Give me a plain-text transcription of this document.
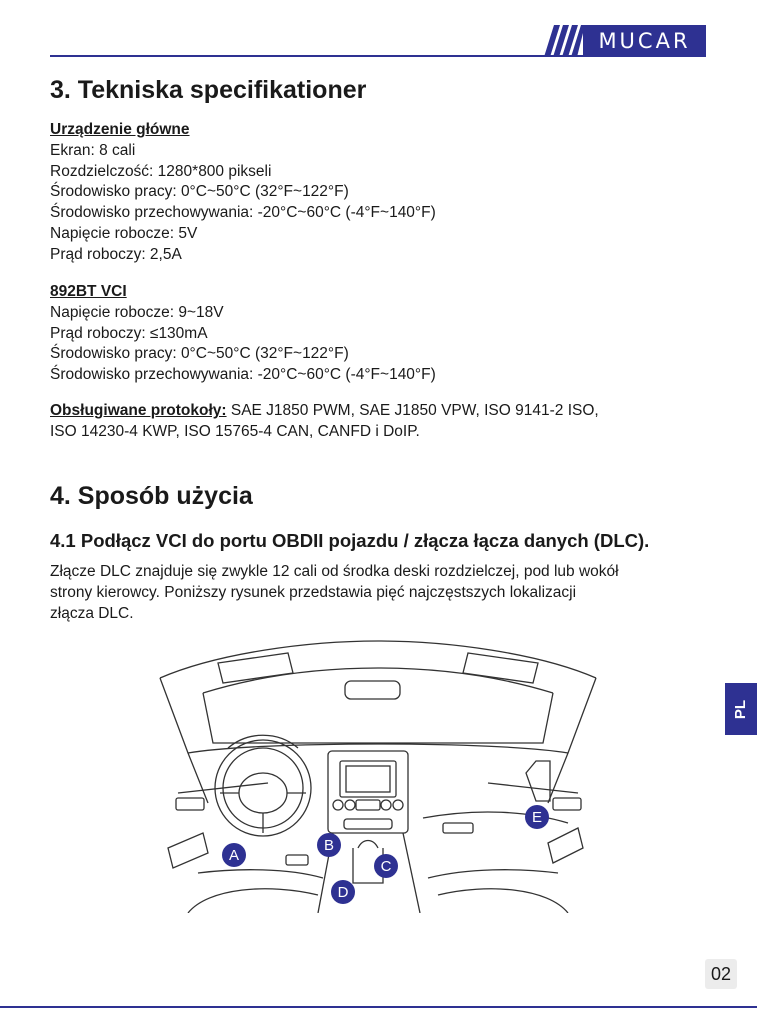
MUCAR
3. Tekniska specifikationer
Urządzenie główne
Ekran: 8 cali
Rozdzielczość: 1280*800 pikseli
Środowisko pracy: 0°C~50°C (32°F~122°F)
Środowisko przechowywania: -20°C~60°C (-4°F~140°F)
Napięcie robocze: 5V
Prąd roboczy: 2,5A
892BT VCI
Napięcie robocze: 9~18V
Prąd roboczy: ≤130mA
Środowisko pracy: 0°C~50°C (32°F~122°F)
Środowisko przechowywania: -20°C~60°C (-4°F~140°F)
Obsługiwane protokoły: SAE J1850 PWM, SAE J1850 VPW, ISO 9141-2 ISO,
ISO 14230-4 KWP, ISO 15765-4 CAN, CANFD i DoIP.
4. Sposób użycia
4.1 Podłącz VCI do portu OBDII pojazdu / złącza łącza danych (DLC).
Złącze DLC znajduje się zwykle 12 cali od środka deski rozdzielczej, pod lub wokół
strony kierowcy. Poniższy rysunek przedstawia pięć najczęstszych lokalizacji
złącza DLC.
A
B
C
D
E
PL
02
